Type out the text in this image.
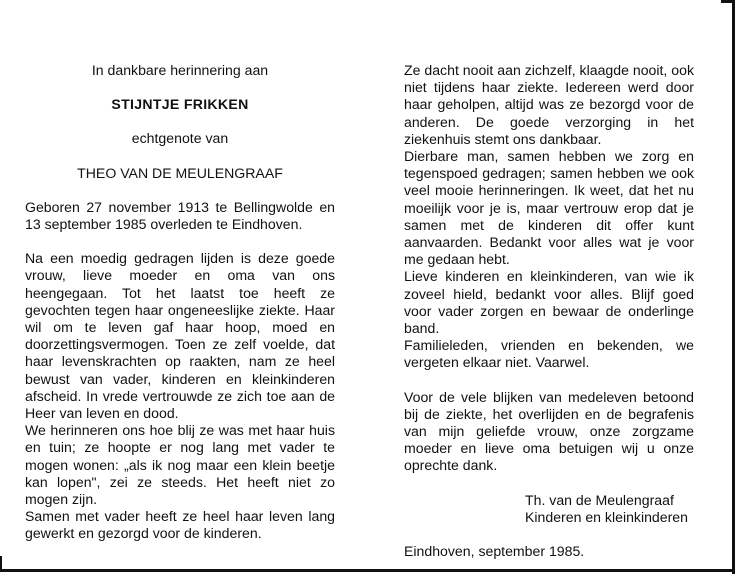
In dankbare herinnering aan

STIJNTJE FRIKKEN

echtgenote van

THEO VAN DE MEULENGRAAF

Geboren 27 november 1913 te Bellingwolde en 13 september 1985 overleden te Eindhoven.

Na een moedig gedragen lijden is deze goede vrouw, lieve moeder en oma van ons heengegaan. Tot het laatst toe heeft ze gevochten tegen haar ongeneeslijke ziekte. Haar wil om te leven gaf haar hoop, moed en doorzettingsvermogen. Toen ze zelf voelde, dat haar levenskrachten op raakten, nam ze heel bewust van vader, kinderen en kleinkinderen afscheid. In vrede vertrouwde ze zich toe aan de Heer van leven en dood.

We herinneren ons hoe blij ze was met haar huis en tuin; ze hoopte er nog lang met vader te mogen wonen: „als ik nog maar een klein beetje kan lopen", zei ze steeds. Het heeft niet zo mogen zijn.

Samen met vader heeft ze heel haar leven lang gewerkt en gezorgd voor de kinderen.

Ze dacht nooit aan zichzelf, klaagde nooit, ook niet tijdens haar ziekte. Iedereen werd door haar geholpen, altijd was ze bezorgd voor de anderen. De goede verzorging in het ziekenhuis stemt ons dankbaar.

Dierbare man, samen hebben we zorg en tegenspoed gedragen; samen hebben we ook veel mooie herinneringen. Ik weet, dat het nu moeilijk voor je is, maar vertrouw erop dat je samen met de kinderen dit offer kunt aanvaarden. Bedankt voor alles wat je voor me gedaan hebt.

Lieve kinderen en kleinkinderen, van wie ik zoveel hield, bedankt voor alles. Blijf goed voor vader zorgen en bewaar de onderlinge band.

Familieleden, vrienden en bekenden, we vergeten elkaar niet. Vaarwel.

Voor de vele blijken van medeleven betoond bij de ziekte, het overlijden en de begrafenis van mijn geliefde vrouw, onze zorgzame moeder en lieve oma betuigen wij u onze oprechte dank.

Th. van de Meulengraaf

Kinderen en kleinkinderen

Eindhoven, september 1985.
